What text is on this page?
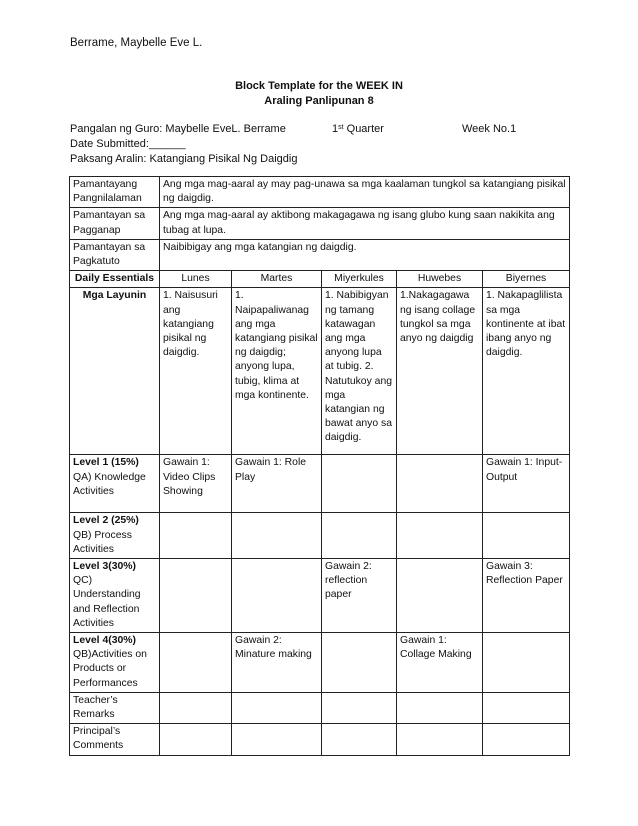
Berrame, Maybelle Eve L.
Block Template for the WEEK IN
Araling Panlipunan 8
Pangalan ng Guro: Maybelle EveL. Berrame	1st Quarter	Week No.1
Date Submitted:______
Paksang Aralin: Katangiang Pisikal Ng Daigdig
Pamantayang Pangnilalaman	Ang mga mag-aaral ay may pag-unawa sa mga kaalaman tungkol sa katangiang pisikal ng daigdig.				
Pamantayan sa Pagganap	Ang mga mag-aaral ay aktibong makagagawa ng isang glubo kung saan nakikita ang tubag at lupa.				
Pamantayan sa Pagkatuto	Naibibigay ang mga katangian ng daigdig.				
Daily Essentials	Lunes	Martes	Miyerkules	Huwebes	Biyernes
Mga Layunin	1. Naisusuri ang katangiang pisikal ng daigdig.	1. Naipapaliwanag ang mga katangiang pisikal ng daigdig; anyong lupa, tubig, klima at mga kontinente.	1. Nabibigyan ng tamang katawagan ang mga anyong lupa at tubig. 2. Natutukoy ang mga katangian ng bawat anyo sa daigdig.	1.Nakagagawa ng isang collage tungkol sa mga anyo ng daigdig	1. Nakapaglilista sa mga kontinente at ibat ibang anyo ng daigdig.

Level 1 (15%)
QA) Knowledge Activities	Gawain 1: Video Clips Showing	Gawain 1: Role Play			Gawain 1: Input-Output

Level 2 (25%)
QB) Process Activities					

Level 3(30%)
QC) Understanding and Reflection Activities			Gawain 2: reflection paper		Gawain 3: Reflection Paper

Level 4(30%)
QB)Activities on Products or Performances		Gawain 2: Minature making		Gawain 1: Collage Making	
Teacher’s Remarks					
Principal’s Comments					
